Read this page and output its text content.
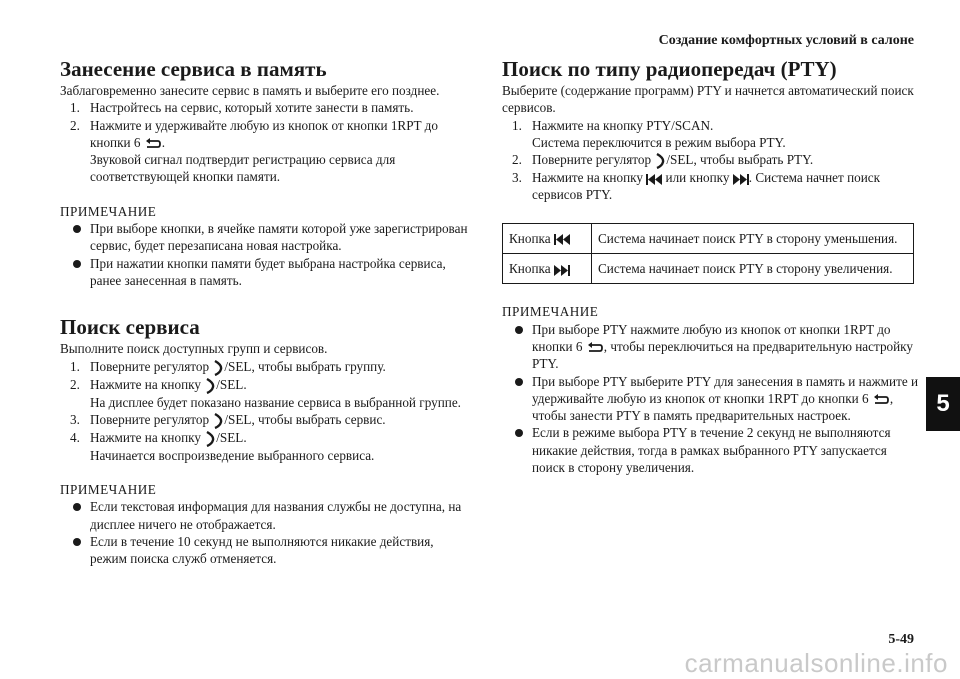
Создание комфортных условий в салоне
5
5-49
carmanualsonline.info
Занесение сервиса в память

Заблаговременно занесите сервис в память и выберите его позднее.

1. Настройтесь на сервис, который хотите занести в память.
2. Нажмите и удерживайте любую из кнопок от кнопки 1RPT до
кнопки 6 .
Звуковой сигнал подтвердит регистрацию сервиса для соответствующей кнопки памяти.

ПРИМЕЧАНИЕ

При выборе кнопки, в ячейке памяти которой уже зарегистрирован сервис, будет перезаписана новая настройка.
При нажатии кнопки памяти будет выбрана настройка сервиса, ранее занесенная в память.
Поиск сервиса

Выполните поиск доступных групп и сервисов.

1. Поверните регулятор /SEL, чтобы выбрать группу.
2. Нажмите на кнопку /SEL.
На дисплее будет показано название сервиса в выбранной группе.
3. Поверните регулятор /SEL, чтобы выбрать сервис.
4. Нажмите на кнопку /SEL.
Начинается воспроизведение выбранного сервиса.

ПРИМЕЧАНИЕ

Если текстовая информация для названия службы не доступна, на дисплее ничего не отображается.
Если в течение 10 секунд не выполняются никакие действия, режим поиска служб отменяется.
Поиск по типу радиопередач (PTY)

Выберите (содержание программ) PTY и начнется автоматический поиск сервисов.

1. Нажмите на кнопку PTY/SCAN.
Система переключится в режим выбора PTY.
2. Поверните регулятор /SEL, чтобы выбрать PTY.
3. Нажмите на кнопку или кнопку . Система начнет поиск сервисов PTY.
Кнопка	Система начинает поиск PTY в сторону уменьшения.
Кнопка	Система начинает поиск PTY в сторону увеличения.

ПРИМЕЧАНИЕ

При выборе PTY нажмите любую из кнопок от кнопки 1RPT до кнопки 6 , чтобы переключиться на предварительную настройку PTY.
При выборе PTY выберите PTY для занесения в память и нажмите и удерживайте любую из кнопок от кнопки 1RPT до кнопки 6 , чтобы занести PTY в память предварительных настроек.
Если в режиме выбора PTY в течение 2 секунд не выполняются никакие действия, тогда в рамках выбранного PTY запускается поиск в сторону увеличения.
